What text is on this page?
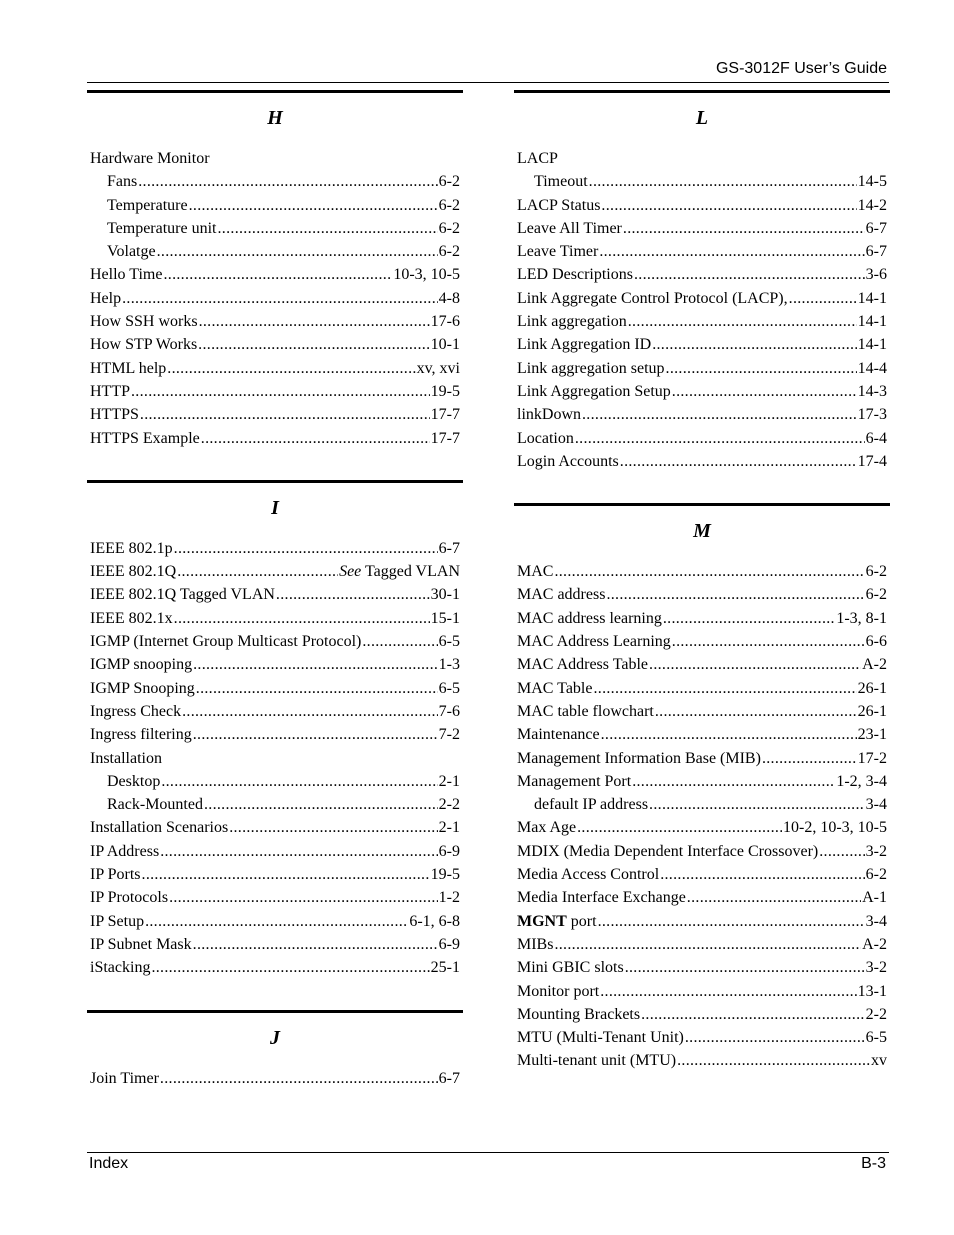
GS-3012F User’s Guide
H
Hardware Monitor
Fans .....	6-2
Temperature .....	6-2
Temperature unit .....	6-2
Volatge .....	6-2
Hello Time .....	10-3, 10-5
Help .....	4-8
How SSH works .....	17-6
How STP Works .....	10-1
HTML help .....	xv, xvi
HTTP .....	19-5
HTTPS .....	17-7
HTTPS Example .....	17-7
I
IEEE 802.1p .....	6-7
IEEE 802.1Q .....	See Tagged VLAN
IEEE 802.1Q Tagged VLAN .....	30-1
IEEE 802.1x .....	15-1
IGMP (Internet Group Multicast Protocol) .....	6-5
IGMP snooping .....	1-3
IGMP Snooping .....	6-5
Ingress Check .....	7-6
Ingress filtering .....	7-2
Installation
Desktop .....	2-1
Rack-Mounted .....	2-2
Installation Scenarios .....	2-1
IP Address .....	6-9
IP Ports .....	19-5
IP Protocols .....	1-2
IP Setup .....	6-1, 6-8
IP Subnet Mask .....	6-9
iStacking .....	25-1
J
Join Timer .....	6-7
L
LACP
Timeout .....	14-5
LACP Status .....	14-2
Leave All Timer .....	6-7
Leave Timer .....	6-7
LED Descriptions .....	3-6
Link Aggregate Control Protocol (LACP), .....	14-1
Link aggregation .....	14-1
Link Aggregation ID .....	14-1
Link aggregation setup .....	14-4
Link Aggregation Setup .....	14-3
linkDown .....	17-3
Location .....	6-4
Login Accounts .....	17-4
M
MAC .....	6-2
MAC address .....	6-2
MAC address learning .....	1-3, 8-1
MAC Address Learning .....	6-6
MAC Address Table .....	A-2
MAC Table .....	26-1
MAC table flowchart .....	26-1
Maintenance .....	23-1
Management Information Base (MIB) .....	17-2
Management Port .....	1-2, 3-4
default IP address .....	3-4
Max Age .....	10-2, 10-3, 10-5
MDIX (Media Dependent Interface Crossover) .....	3-2
Media Access Control .....	6-2
Media Interface Exchange .....	A-1
MGNT port .....	3-4
MIBs .....	A-2
Mini GBIC slots .....	3-2
Monitor port .....	13-1
Mounting Brackets .....	2-2
MTU (Multi-Tenant Unit) .....	6-5
Multi-tenant unit (MTU) .....	xv
Index	B-3
